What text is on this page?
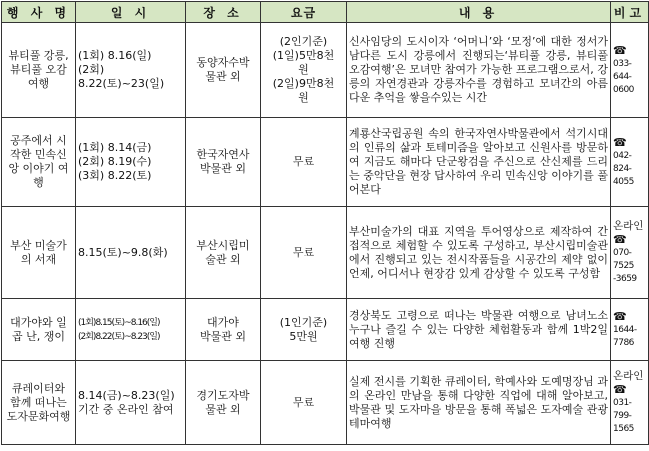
행 사 명	일 시	장 소	요금	내 용	비고

뷰티풀 강릉,
뷰티풀 오감
여행	(1회) 8.16(일)
(2회)
8.22(토)~23(일)	동양자수박
물관 외	(2인기준)
(1일)5만8천
원
(2일)9만8천
원	신사임당의 도시이자 ‘어머니’와 ‘모정’에 대한 정서가 남다른 도시 강릉에서 진행되는‘뷰티풀 강릉, 뷰티풀 오감여행’은 모녀만 참여가 가능한 프로그램으로서, 강릉의 자연경관과 강릉자수를 경험하고 모녀간의 아름다운 추억을 쌓을수있는 시간	☎
033-
644-
0600

공주에서 시
작한 민속신
앙 이야기 여
행	(1회) 8.14(금)
(2회) 8.19(수)
(3회) 8.22(토)	한국자연사
박물관 외	무료	계룡산국립공원 속의 한국자연사박물관에서 석기시대의 인류의 삶과 토테미즘을 알아보고 신원사를 방문하여 지금도 해마다 단군왕검을 주신으로 산신제를 드리는 중악단을 현장 답사하여 우리 민속신앙 이야기를 풀어본다	☎
042-
824-
4055

부산 미술가
의 서재	8.15(토)~9.8(화)	부산시립미
술관 외	무료	부산미술가의 대표 지역을 투어영상으로 제작하여 간접적으로 체험할 수 있도록 구성하고, 부산시립미술관에서 진행되고 있는 전시작품들을 시공간의 제약 없이 언제, 어디서나 현장감 있게 감상할 수 있도록 구성함	온라인
☎
070-
7525
-3659

대가야와 일
곱 난, 쟁이	(1회)8.15(토)~8.16(일)
(2회)8.22(토)~8.23(일)	대가야
박물관 외	(1인기준)
5만원	경상북도 고령으로 떠나는 박물관 여행으로 남녀노소 누구나 즐길 수 있는 다양한 체험활동과 함께 1박2일 여행 진행	☎
1644-
7786

큐레이터와
함께 떠나는
도자문화여행	8.14(금)~8.23(일)
기간 중 온라인 참여	경기도자박
물관 외	무료	실제 전시를 기획한 큐레이터, 학예사와 도예명장님 과의 온라인 만남을 통해 다양한 직업에 대해 알아보고, 박물관 및 도자마을 방문을 통해 폭넓은 도자예술 관광 테마여행	온라인
☎
031-
799-
1565
